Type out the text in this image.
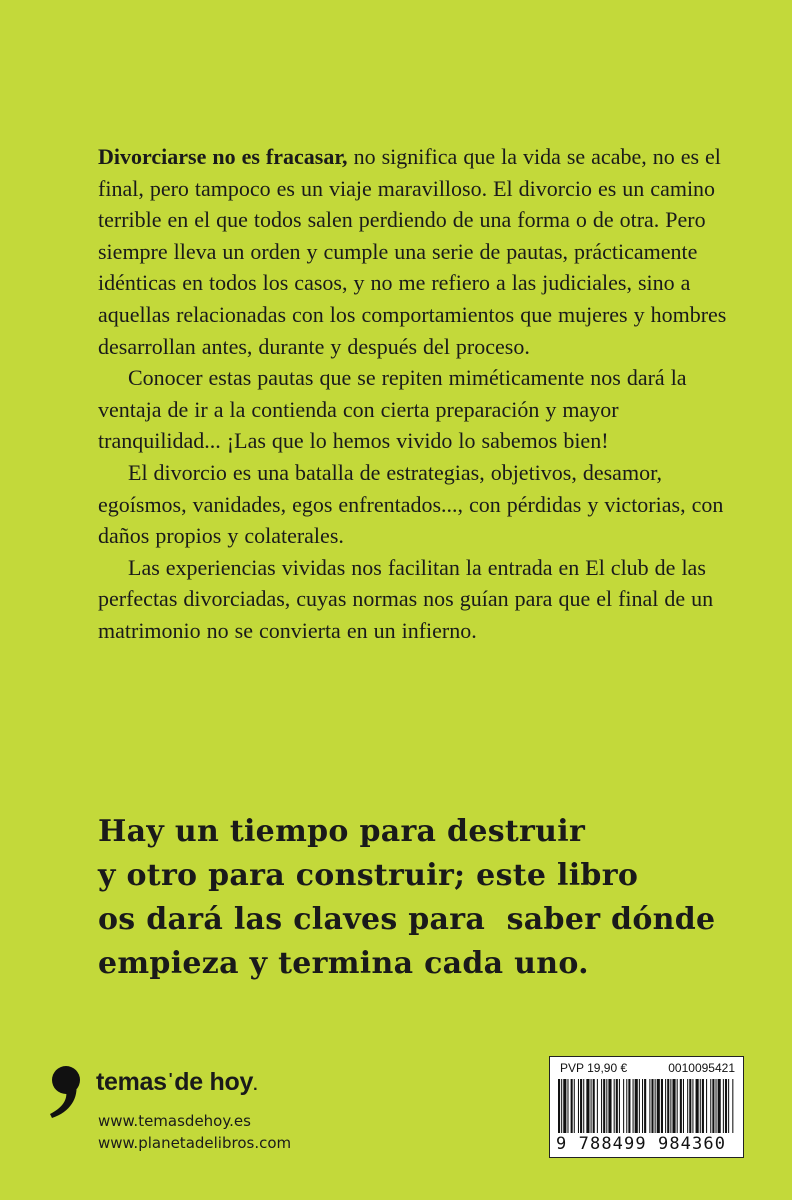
Divorciarse no es fracasar, no significa que la vida se acabe, no es el final, pero tampoco es un viaje maravilloso. El divorcio es un camino terrible en el que todos salen perdiendo de una forma o de otra. Pero siempre lleva un orden y cumple una serie de pautas, prácticamente idénticas en todos los casos, y no me refiero a las judiciales, sino a aquellas relacionadas con los comportamientos que mujeres y hombres desarrollan antes, durante y después del proceso.

Conocer estas pautas que se repiten miméticamente nos dará la ventaja de ir a la contienda con cierta preparación y mayor tranquilidad... ¡Las que lo hemos vivido lo sabemos bien!

El divorcio es una batalla de estrategias, objetivos, desamor, egoísmos, vanidades, egos enfrentados..., con pérdidas y victorias, con daños propios y colaterales.

Las experiencias vividas nos facilitan la entrada en El club de las perfectas divorciadas, cuyas normas nos guían para que el final de un matrimonio no se convierta en un infierno.

Hay un tiempo para destruir
y otro para construir; este libro
os dará las claves para  saber dónde
empieza y termina cada uno.
temas 'de hoy.
www.temasdehoy.es
www.planetadelibros.com
PVP 19,90 €	0010095421
9 788499 984360
